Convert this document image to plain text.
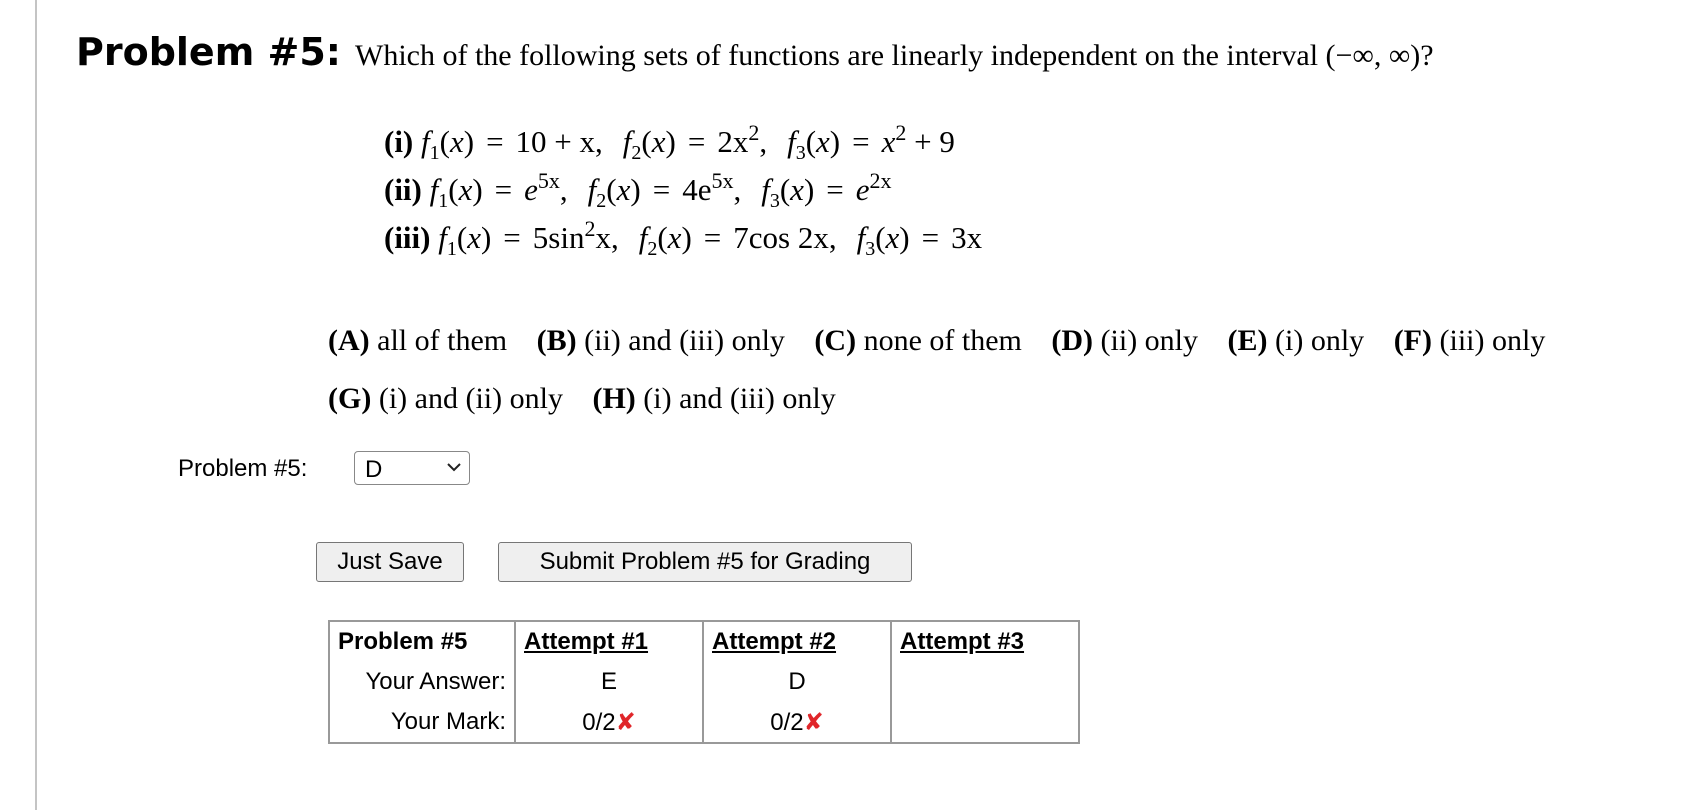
Problem #5: Which of the following sets of functions are linearly independent on the interval (−∞, ∞)?
(i) $f_1(x) = 10 + x$, $f_2(x) = 2x^2$, $f_3(x) = x^2 + 9$
(ii) $f_1(x) = e^{5x}$, $f_2(x) = 4e^{5x}$, $f_3(x) = e^{2x}$
(iii) $f_1(x) = 5\sin^2x$, $f_2(x) = 7\cos$ 2x, $f_3(x) = 3x$
(A) all of them (B) (ii) and (iii) only (C) none of them (D) (ii) only (E) (i) only (F) (iii) only
(G) (i) and (ii) only (H) (i) and (iii) only
Problem #5:	D
Just Save	Submit Problem #5 for Grading
Problem #5	Attempt #1	Attempt #2	Attempt #3
Your Answer:	E	D	
Your Mark:	0/2✘	0/2✘	
